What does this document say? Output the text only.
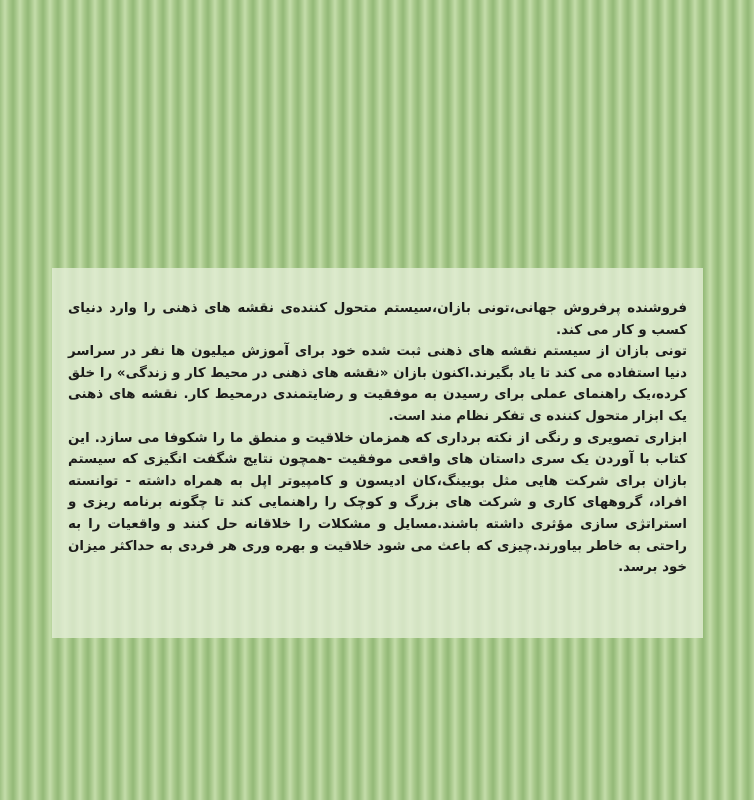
فروشنده پرفروش جهانی،تونی بازان،سیستم متحول کننده‌ی نقشه های ذهنی را وارد دنیای کسب و کار می کند.

تونی بازان از سیستم نقشه های ذهنی ثبت شده خود برای آموزش میلیون ها نفر در سراسر دنیا استفاده می کند تا یاد بگیرند.اکنون بازان «نقشه های ذهنی در محیط کار و زندگی» را خلق کرده،یک راهنمای عملی برای رسیدن به موفقیت و رضایتمندی درمحیط کار. نقشه های ذهنی یک ابزار متحول کننده ی تفکر نظام مند است.

ابزاری تصویری و رنگی از نکته برداری که همزمان خلاقیت و منطق ما را شکوفا می سازد. این کتاب با آوردن یک سری داستان های واقعی موفقیت -همچون نتایج شگفت انگیزی که سیستم بازان برای شرکت هایی مثل بویینگ،کان ادیسون و کامپیوتر اپل به همراه داشته - توانسته افراد، گروههای کاری و شرکت های بزرگ و کوچک را راهنمایی کند تا چگونه برنامه ریزی و استراتژی سازی مؤثری داشته باشند.مسایل و مشکلات را خلاقانه حل کنند و واقعیات را به راحتی به خاطر بیاورند.چیزی که باعث می شود خلاقیت و بهره وری هر فردی به حداکثر میزان خود برسد.
